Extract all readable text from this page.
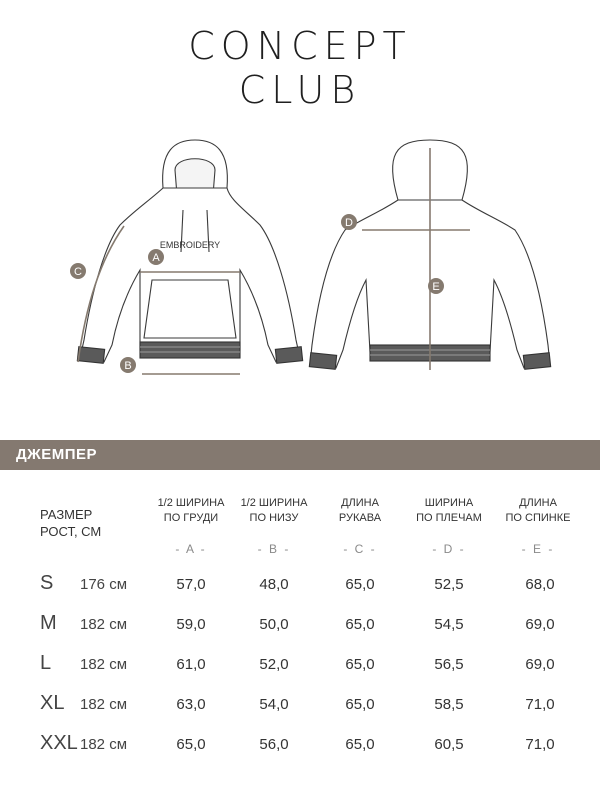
CONCEPT
CLUB
EMBROIDERY
A
B
C
D
E
ДЖЕМПЕР
РАЗМЕР
РОСТ, СМ
1/2 ШИРИНА
ПО ГРУДИ
1/2 ШИРИНА
ПО НИЗУ
ДЛИНА
РУКАВА
ШИРИНА
ПО ПЛЕЧАМ
ДЛИНА
ПО СПИНКЕ
- A -	- B -	- C -	- D -	- E -
S 176 см	57,0	48,0	65,0	52,5	68,0
M 182 см	59,0	50,0	65,0	54,5	69,0
L 182 см	61,0	52,0	65,0	56,5	69,0
XL 182 см	63,0	54,0	65,0	58,5	71,0
XXL 182 см	65,0	56,0	65,0	60,5	71,0
